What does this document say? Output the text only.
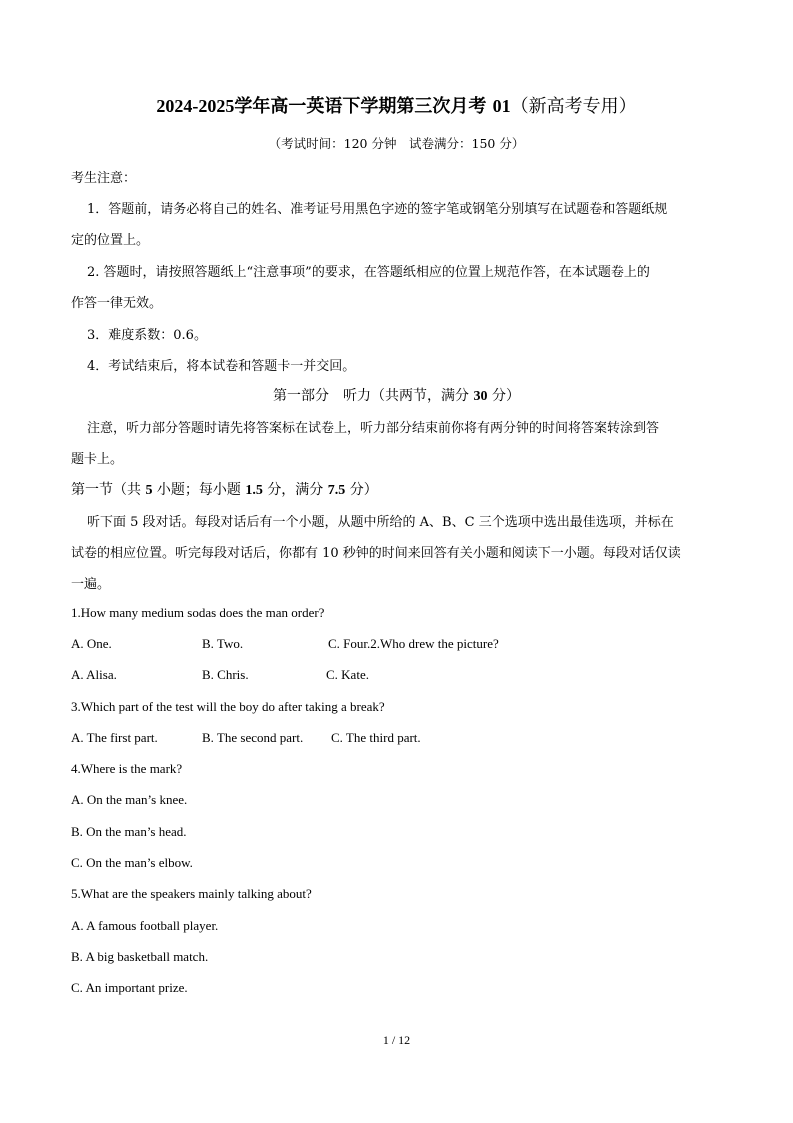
2024-2025学年高一英语下学期第三次月考 01（新高考专用）
（考试时间：120 分钟　试卷满分：150 分）
考生注意：
1．答题前，请务必将自己的姓名、准考证号用黑色字迹的签字笔或钢笔分别填写在试题卷和答题纸规
定的位置上。
2. 答题时，请按照答题纸上“注意事项”的要求，在答题纸相应的位置上规范作答，在本试题卷上的
作答一律无效。
3．难度系数：0.6。
4．考试结束后，将本试卷和答题卡一并交回。
第一部分　听力（共两节，满分 30 分）
注意，听力部分答题时请先将答案标在试卷上，听力部分结束前你将有两分钟的时间将答案转涂到答
题卡上。
第一节（共 5 小题；每小题 1.5 分，满分 7.5 分）
听下面 5 段对话。每段对话后有一个小题，从题中所给的 A、B、C 三个选项中选出最佳选项，并标在
试卷的相应位置。听完每段对话后，你都有 10 秒钟的时间来回答有关小题和阅读下一小题。每段对话仅读
一遍。
1.How many medium sodas does the man order?
A. One.	B. Two.	C. Four.2.Who drew the picture?
A. Alisa.	B. Chris.	C. Kate.
3.Which part of the test will the boy do after taking a break?
A. The first part.	B. The second part. C. The third part.
4.Where is the mark?
A. On the man’s knee.
B. On the man’s head.
C. On the man’s elbow.
5.What are the speakers mainly talking about?
A. A famous football player.
B. A big basketball match.
C. An important prize.
1 / 12
